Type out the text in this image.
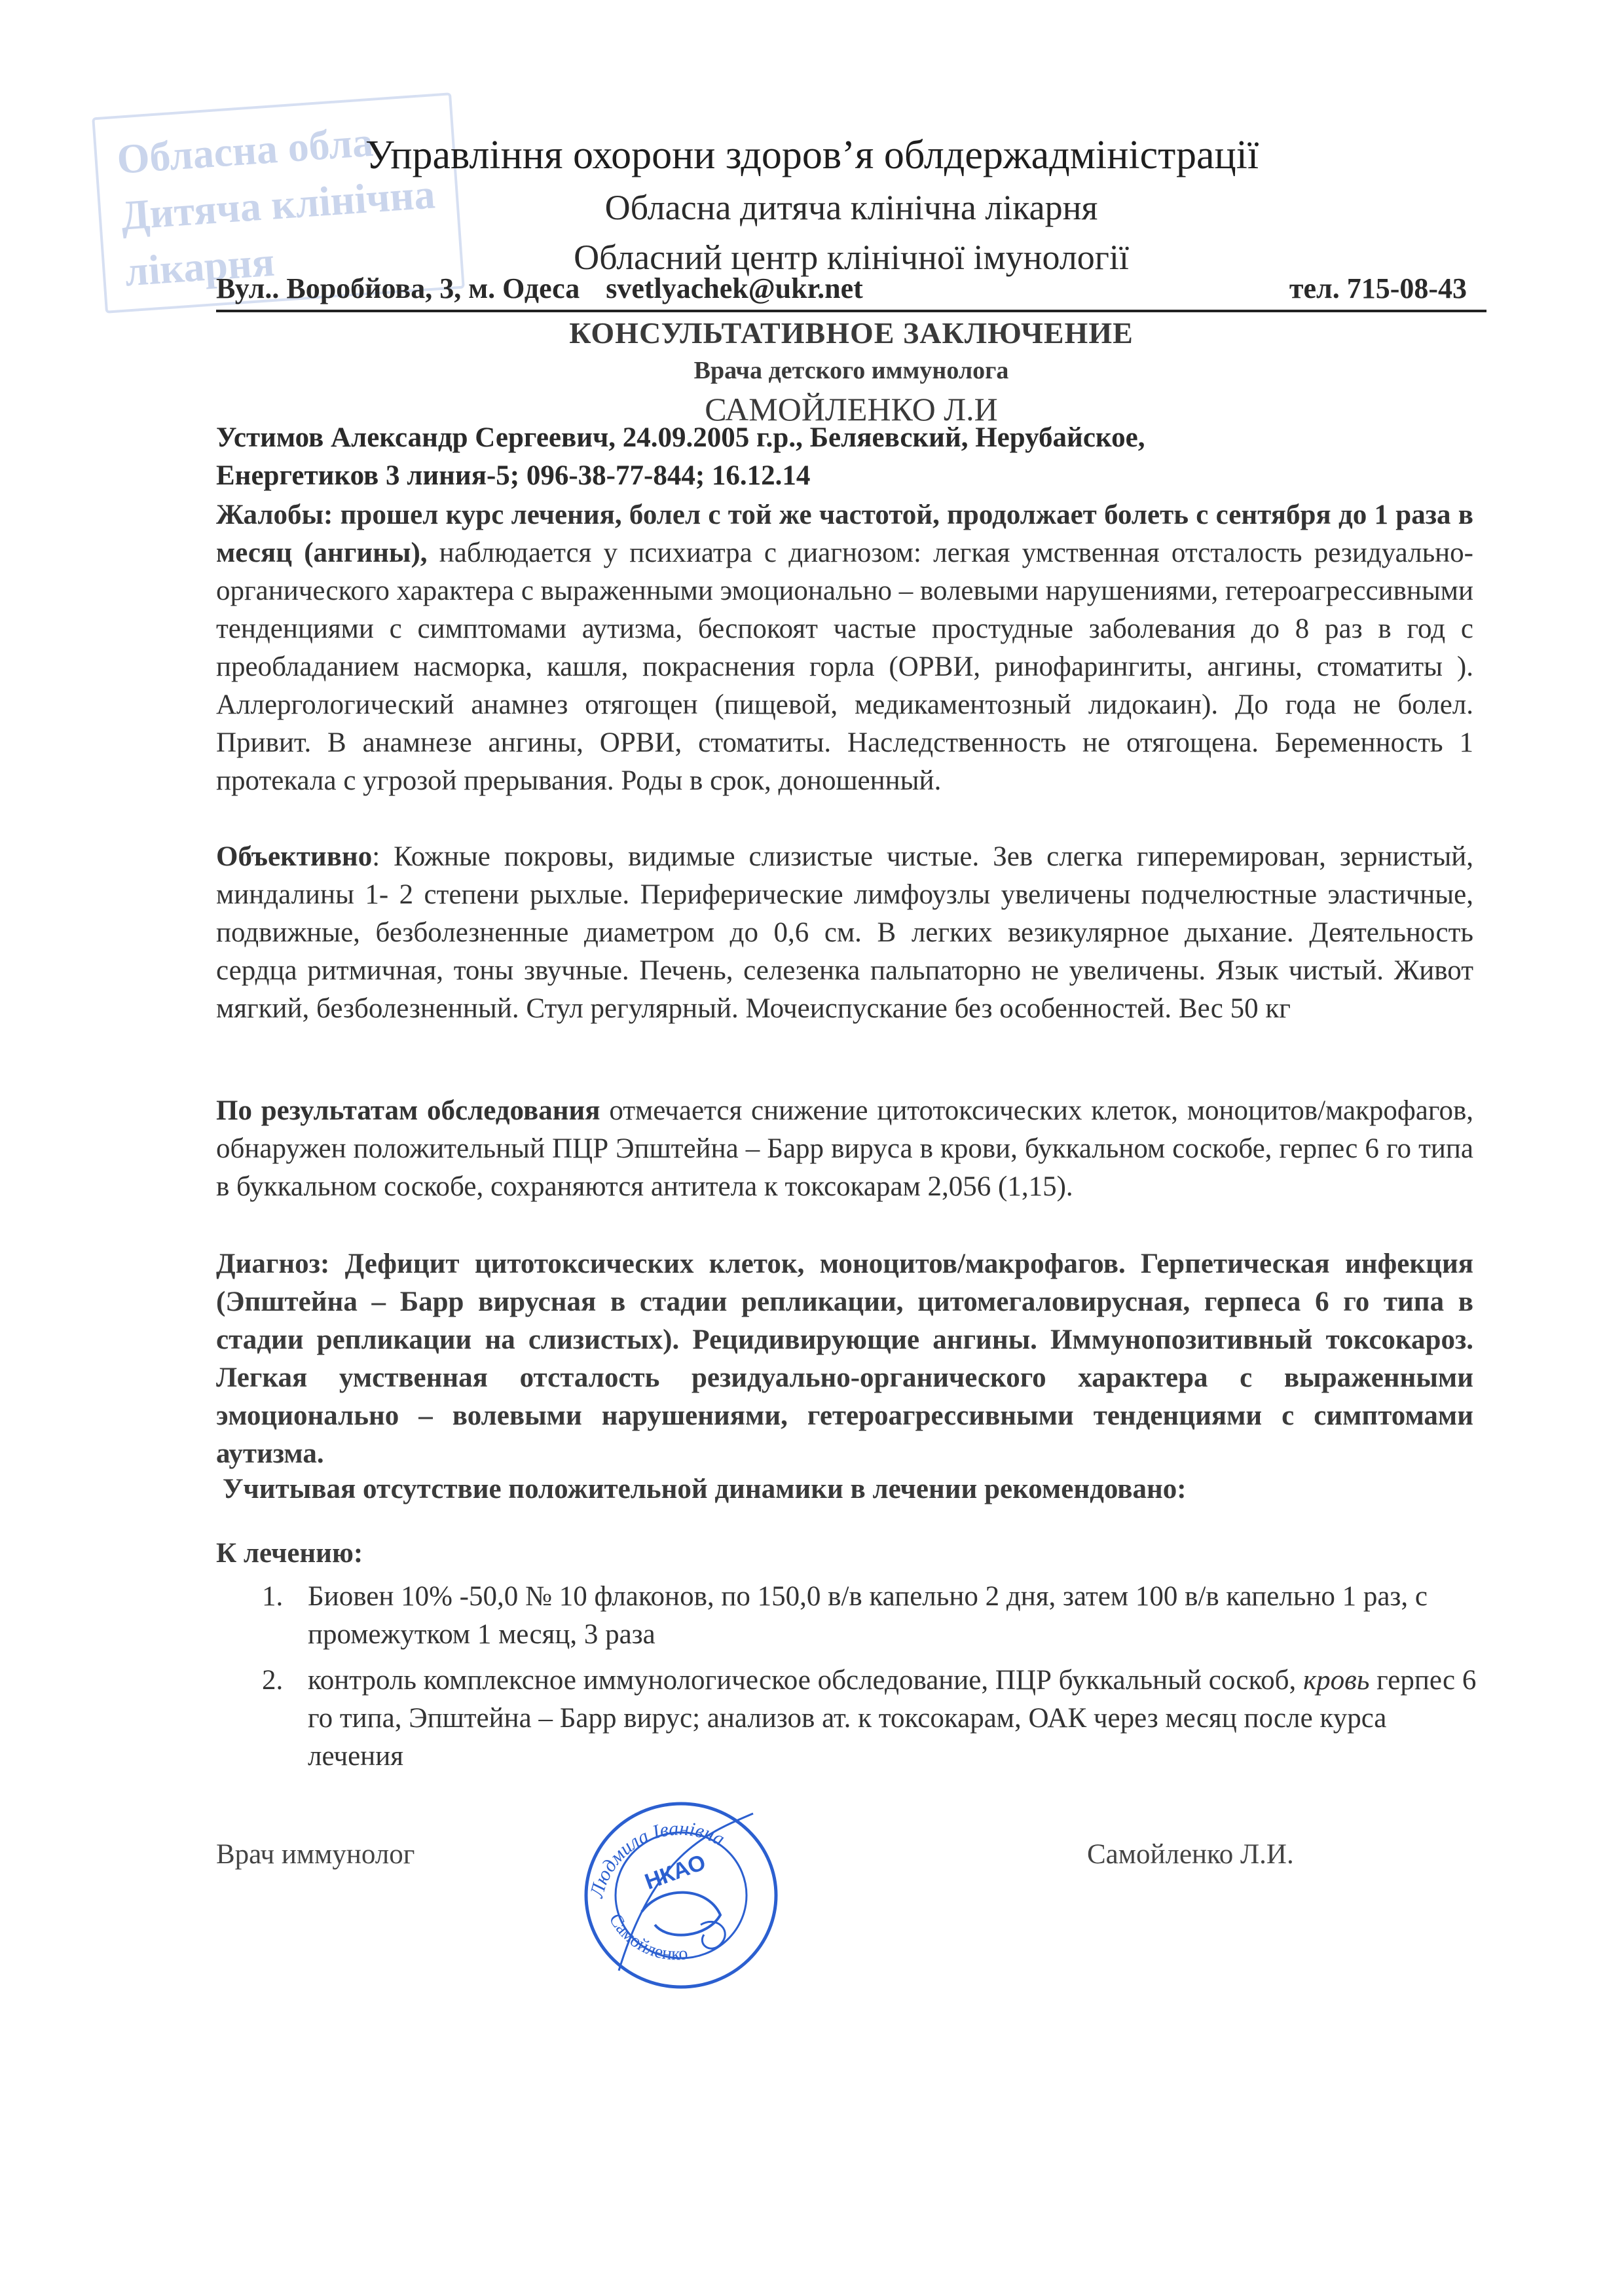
Обласна обла
Дитяча клінічна
лікарня
Управління охорони здоров’я облдержадміністрації
Обласна дитяча клінічна лікарня
Обласний центр клінічної імунології
Вул.. Воробйова, 3, м. Одеса svetlyachek@ukr.net	тел. 715-08-43
КОНСУЛЬТАТИВНОЕ ЗАКЛЮЧЕНИЕ
Врача детского иммунолога
САМОЙЛЕНКО Л.И
Устимов Александр Сергеевич, 24.09.2005 г.р., Беляевский, Нерубайское,
Енергетиков 3 линия-5; 096-38-77-844; 16.12.14
Жалобы: прошел курс лечения, болел с той же частотой, продолжает болеть с сентября до 1 раза в месяц (ангины), наблюдается у психиатра с диагнозом: легкая умственная отсталость резидуально- органического характера с выраженными эмоционально – волевыми нарушениями, гетероагрессивными тенденциями с симптомами аутизма, беспокоят частые простудные заболевания до 8 раз в год с преобладанием насморка, кашля, покраснения горла (ОРВИ, ринофарингиты, ангины, стоматиты ). Аллергологический анамнез отягощен (пищевой, медикаментозный лидокаин). До года не болел. Привит. В анамнезе ангины, ОРВИ, стоматиты. Наследственность не отягощена. Беременность 1 протекала с угрозой прерывания. Роды в срок, доношенный.
Объективно: Кожные покровы, видимые слизистые чистые. Зев слегка гиперемирован, зернистый, миндалины 1- 2 степени рыхлые. Периферические лимфоузлы увеличены подчелюстные эластичные, подвижные, безболезненные диаметром до 0,6 см. В легких везикулярное дыхание. Деятельность сердца ритмичная, тоны звучные. Печень, селезенка пальпаторно не увеличены. Язык чистый. Живот мягкий, безболезненный. Стул регулярный. Мочеиспускание без особенностей. Вес 50 кг
По результатам обследования отмечается снижение цитотоксических клеток, моноцитов/макрофагов, обнаружен положительный ПЦР Эпштейна – Барр вируса в крови, буккальном соскобе, герпес 6 го типа в буккальном соскобе, сохраняются антитела к токсокарам 2,056 (1,15).
Диагноз: Дефицит цитотоксических клеток, моноцитов/макрофагов. Герпетическая инфекция (Эпштейна – Барр вирусная в стадии репликации, цитомегаловирусная, герпеса 6 го типа в стадии репликации на слизистых). Рецидивирующие ангины. Иммунопозитивный токсокароз. Легкая умственная отсталость резидуально-органического характера с выраженными эмоционально – волевыми нарушениями, гетероагрессивными тенденциями с симптомами аутизма.
Учитывая отсутствие положительной динамики в лечении рекомендовано:
К лечению:
1. Биовен 10% -50,0 № 10 флаконов, по 150,0 в/в капельно 2 дня, затем 100 в/в капельно 1 раз, с промежутком 1 месяц, 3 раза
2. контроль комплексное иммунологическое обследование, ПЦР буккальный соскоб, кровь герпес 6 го типа, Эпштейна – Барр вирус; анализов ат. к токсокарам, ОАК через месяц после курса лечения
Врач иммунолог
Людмила Іванівна
Самойленко
НКАО	Самойленко Л.И.
